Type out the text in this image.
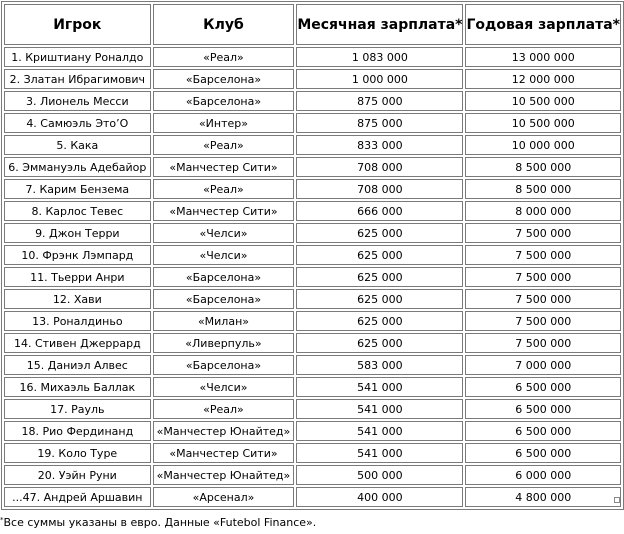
Игрок	Клуб	Месячная зарплата*	Годовая зарплата*
1. Криштиану Роналдо	«Реал»	1 083 000	13 000 000
2. Златан Ибрагимович	«Барселона»	1 000 000	12 000 000
3. Лионель Месси	«Барселона»	875 000	10 500 000
4. Самюэль Это’О	«Интер»	875 000	10 500 000
5. Кака	«Реал»	833 000	10 000 000
6. Эммануэль Адебайор	«Манчестер Сити»	708 000	8 500 000
7. Карим Бензема	«Реал»	708 000	8 500 000
8. Карлос Тевес	«Манчестер Сити»	666 000	8 000 000
9. Джон Терри	«Челси»	625 000	7 500 000
10. Фрэнк Лэмпард	«Челси»	625 000	7 500 000
11. Тьерри Анри	«Барселона»	625 000	7 500 000
12. Хави	«Барселона»	625 000	7 500 000
13. Роналдиньо	«Милан»	625 000	7 500 000
14. Стивен Джеррард	«Ливерпуль»	625 000	7 500 000
15. Даниэл Алвес	«Барселона»	583 000	7 000 000
16. Михаэль Баллак	«Челси»	541 000	6 500 000
17. Рауль	«Реал»	541 000	6 500 000
18. Рио Фердинанд	«Манчестер Юнайтед»	541 000	6 500 000
19. Коло Туре	«Манчестер Сити»	541 000	6 500 000
20. Уэйн Руни	«Манчестер Юнайтед»	500 000	6 000 000
...47. Андрей Аршавин	«Арсенал»	400 000	4 800 000
*Все суммы указаны в евро. Данные «Futebol Finance».
